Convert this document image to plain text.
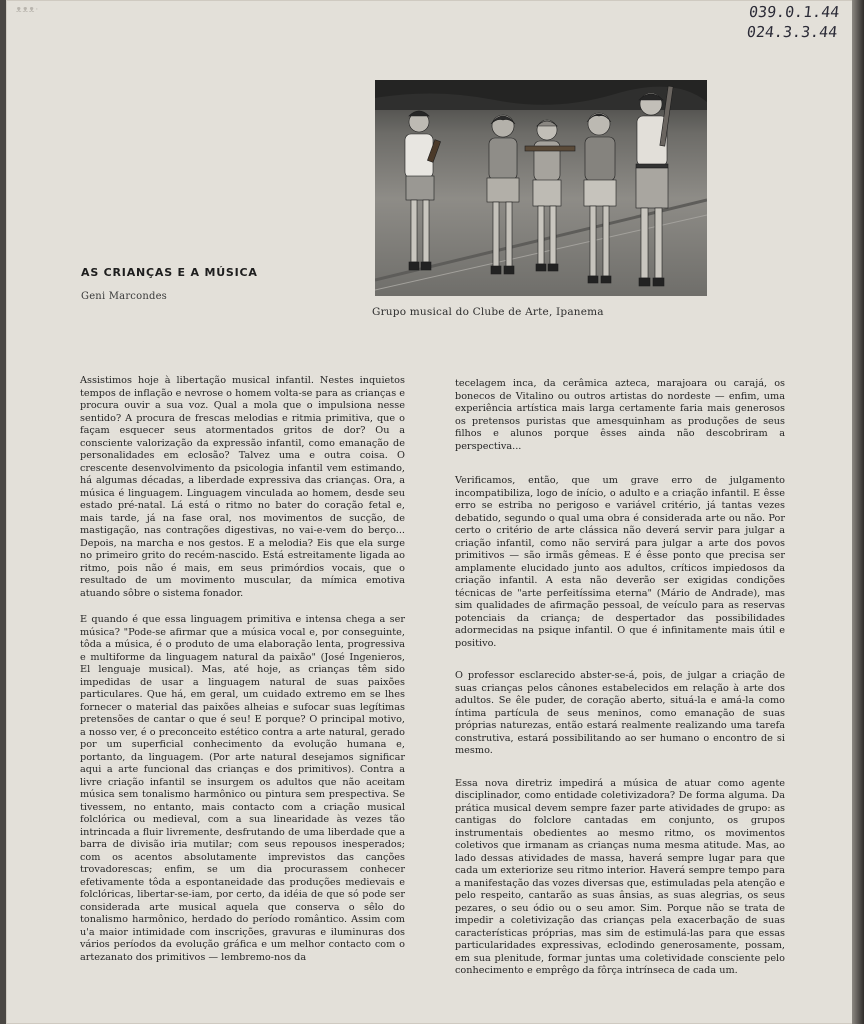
ᴥᴥᴥ·	039.0.1.44
024.3.3.44
Grupo musical do Clube de Arte, Ipanema
AS CRIANÇAS E A MÚSICA
Geni Marcondes

Assistimos hoje à libertação musical infantil. Nestes inquietos tempos de inflação e nevrose o homem volta-se para as crianças e procura ouvir a sua voz. Qual a mola que o impulsiona nesse sentido? A procura de frescas melodias e ritmia primitiva, que o façam esquecer seus atormentados gritos de dor? Ou a consciente valorização da expressão infantil, como emanação de personalidades em eclosão? Talvez uma e outra coisa. O crescente desenvolvimento da psicologia infantil vem estimando, há algumas décadas, a liberdade expressiva das crianças. Ora, a música é linguagem. Linguagem vinculada ao homem, desde seu estado pré-natal. Lá está o ritmo no bater do coração fetal e, mais tarde, já na fase oral, nos movimentos de sucção, de mastigação, nas contrações digestivas, no vai-e-vem do berço... Depois, na marcha e nos gestos. E a melodia? Eis que ela surge no primeiro grito do recém-nascido. Está estreitamente ligada ao ritmo, pois não é mais, em seus primórdios vocais, que o resultado de um movimento muscular, da mímica emotiva atuando sôbre o sistema fonador.

E quando é que essa linguagem primitiva e intensa chega a ser música? "Pode-se afirmar que a música vocal e, por conseguinte, tôda a música, é o produto de uma elaboração lenta, progressiva e multiforme da linguagem natural da paixão" (José Ingenieros, El lenguaje musical). Mas, até hoje, as crianças têm sido impedidas de usar a linguagem natural de suas paixões particulares. Que há, em geral, um cuidado extremo em se lhes fornecer o material das paixões alheias e sufocar suas legítimas pretensões de cantar o que é seu! E porque? O principal motivo, a nosso ver, é o preconceito estético contra a arte natural, gerado por um superficial conhecimento da evolução humana e, portanto, da linguagem. (Por arte natural desejamos significar aqui a arte funcional das crianças e dos primitivos). Contra a livre criação infantil se insurgem os adultos que não aceitam música sem tonalismo harmônico ou pintura sem prespectiva. Se tivessem, no entanto, mais contacto com a criação musical folclórica ou medieval, com a sua linearidade às vezes tão intrincada a fluir livremente, desfrutando de uma liberdade que a barra de divisão iria mutilar; com seus repousos inesperados; com os acentos absolutamente imprevistos das canções trovadorescas; enfim, se um dia procurassem conhecer efetivamente tôda a espontaneidade das produções medievais e folclóricas, libertar-se-iam, por certo, da idéia de que só pode ser considerada arte musical aquela que conserva o sêlo do tonalismo harmônico, herdado do período romântico. Assim com u'a maior intimidade com inscrições, gravuras e iluminuras dos vários períodos da evolução gráfica e um melhor contacto com o artezanato dos primitivos — lembremo-nos da

tecelagem inca, da cerâmica azteca, marajoara ou carajá, os bonecos de Vitalino ou outros artistas do nordeste — enfim, uma experiência artística mais larga certamente faria mais generosos os pretensos puristas que amesquinham as produções de seus filhos e alunos porque êsses ainda não descobriram a perspectiva...

Verificamos, então, que um grave erro de julgamento incompatibiliza, logo de início, o adulto e a criação infantil. E êsse erro se estriba no perigoso e variável critério, já tantas vezes debatido, segundo o qual uma obra é considerada arte ou não. Por certo o critério de arte clássica não deverá servir para julgar a criação infantil, como não servirá para julgar a arte dos povos primitivos — são irmãs gêmeas. E é êsse ponto que precisa ser amplamente elucidado junto aos adultos, críticos impiedosos da criação infantil. A esta não deverão ser exigidas condições técnicas de "arte perfeitíssima eterna" (Mário de Andrade), mas sim qualidades de afirmação pessoal, de veículo para as reservas potenciais da criança; de despertador das possibilidades adormecidas na psique infantil. O que é infinitamente mais útil e positivo.

O professor esclarecido abster-se-á, pois, de julgar a criação de suas crianças pelos cânones estabelecidos em relação à arte dos adultos. Se êle puder, de coração aberto, situá-la e amá-la como íntima partícula de seus meninos, como emanação de suas próprias naturezas, então estará realmente realizando uma tarefa construtiva, estará possibilitando ao ser humano o encontro de si mesmo.

Essa nova diretriz impedirá a música de atuar como agente disciplinador, como entidade coletivizadora? De forma alguma. Da prática musical devem sempre fazer parte atividades de grupo: as cantigas do folclore cantadas em conjunto, os grupos instrumentais obedientes ao mesmo ritmo, os movimentos coletivos que irmanam as crianças numa mesma atitude. Mas, ao lado dessas atividades de massa, haverá sempre lugar para que cada um exteriorize seu ritmo interior. Haverá sempre tempo para a manifestação das vozes diversas que, estimuladas pela atenção e pelo respeito, cantarão as suas ânsias, as suas alegrias, os seus pezares, o seu ódio ou o seu amor. Sim. Porque não se trata de impedir a coletivização das crianças pela exacerbação de suas características próprias, mas sim de estimulá-las para que essas particularidades expressivas, eclodindo generosamente, possam, em sua plenitude, formar juntas uma coletividade consciente pelo conhecimento e emprêgo da fôrça intrínseca de cada um.
